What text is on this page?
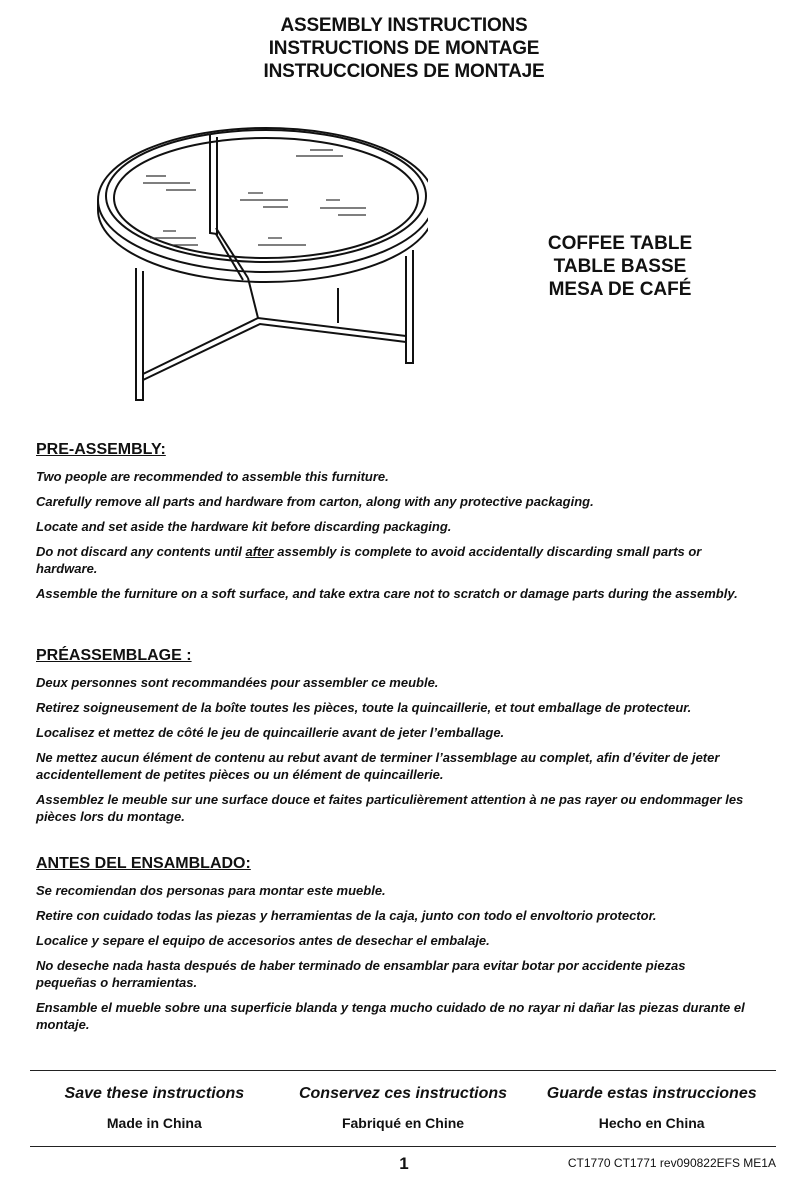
ASSEMBLY INSTRUCTIONS
INSTRUCTIONS DE MONTAGE
INSTRUCCIONES DE MONTAJE
COFFEE TABLE
TABLE BASSE
MESA DE CAFÉ
PRE-ASSEMBLY:

Two people are recommended to assemble this furniture.

Carefully remove all parts and hardware from carton, along with any protective packaging.

Locate and set aside the hardware kit before discarding packaging.

Do not discard any contents until after assembly is complete to avoid accidentally discarding small parts or hardware.

Assemble the furniture on a soft surface, and take extra care not to scratch or damage parts during the assembly.

PRÉASSEMBLAGE :

Deux personnes sont recommandées pour assembler ce meuble.

Retirez soigneusement de la boîte toutes les pièces, toute la quincaillerie, et tout emballage de protecteur.

Localisez et mettez de côté le jeu de quincaillerie avant de jeter l’emballage.

Ne mettez aucun élément de contenu au rebut avant de terminer l’assemblage au complet, afin d’éviter de jeter accidentellement de petites pièces ou un élément de quincaillerie.

Assemblez le meuble sur une surface douce et faites particulièrement attention à ne pas rayer ou endommager les pièces lors du montage.

ANTES DEL ENSAMBLADO:

Se recomiendan dos personas para montar este mueble.

Retire con cuidado todas las piezas y herramientas de la caja, junto con todo el envoltorio protector.

Localice y separe el equipo de accesorios antes de desechar el embalaje.

No deseche nada hasta después de haber terminado de ensamblar para evitar botar por accidente piezas pequeñas o herramientas.

Ensamble el mueble sobre una superficie blanda y tenga mucho cuidado de no rayar ni dañar las piezas durante el montaje.

Save these instructions
Made in China
Conservez ces instructions
Fabriqué en Chine
Guarde estas instrucciones
Hecho en China
1	CT1770 CT1771 rev090822EFS ME1A
